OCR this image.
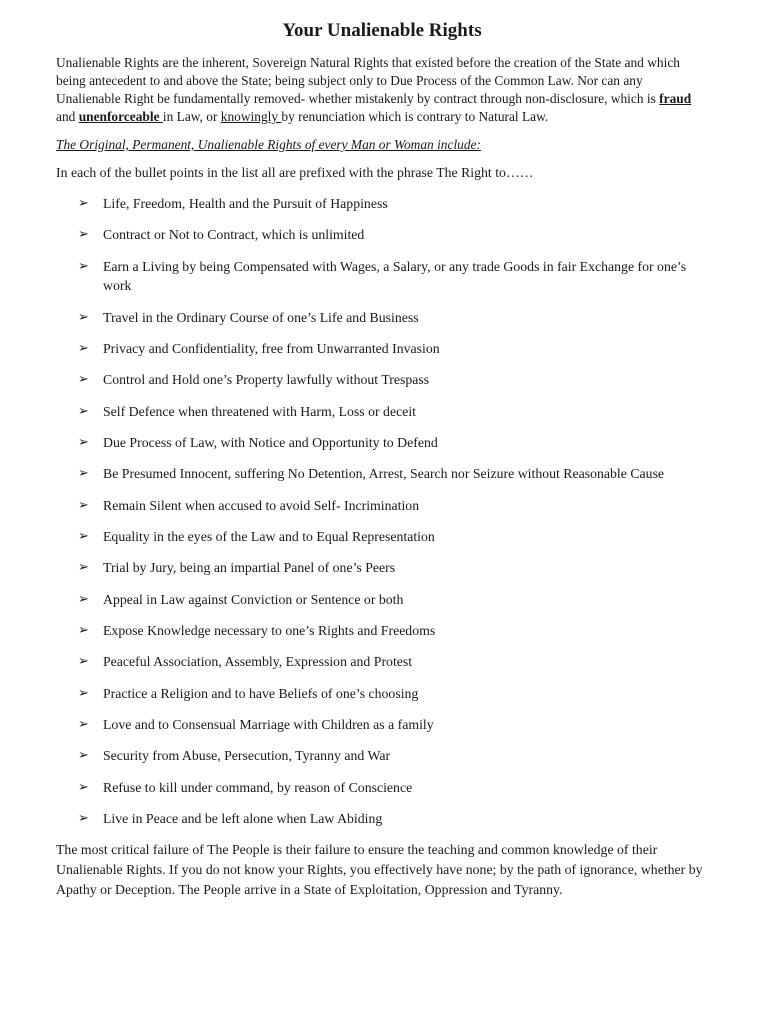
Your Unalienable Rights

Unalienable Rights are the inherent, Sovereign Natural Rights that existed before the creation of the State and which being antecedent to and above the State; being subject only to Due Process of the Common Law. Nor can any Unalienable Right be fundamentally removed- whether mistakenly by contract through non-disclosure, which is fraud and unenforceable in Law, or knowingly by renunciation which is contrary to Natural Law.

The Original, Permanent, Unalienable Rights of every Man or Woman include:

In each of the bullet points in the list all are prefixed with the phrase The Right to……

➢ Life, Freedom, Health and the Pursuit of Happiness
➢ Contract or Not to Contract, which is unlimited
➢ Earn a Living by being Compensated with Wages, a Salary, or any trade Goods in fair Exchange for one’s work
➢ Travel in the Ordinary Course of one’s Life and Business
➢ Privacy and Confidentiality, free from Unwarranted Invasion
➢ Control and Hold one’s Property lawfully without Trespass
➢ Self Defence when threatened with Harm, Loss or deceit
➢ Due Process of Law, with Notice and Opportunity to Defend
➢ Be Presumed Innocent, suffering No Detention, Arrest, Search nor Seizure without Reasonable Cause
➢ Remain Silent when accused to avoid Self- Incrimination
➢ Equality in the eyes of the Law and to Equal Representation
➢ Trial by Jury, being an impartial Panel of one’s Peers
➢ Appeal in Law against Conviction or Sentence or both
➢ Expose Knowledge necessary to one’s Rights and Freedoms
➢ Peaceful Association, Assembly, Expression and Protest
➢ Practice a Religion and to have Beliefs of one’s choosing
➢ Love and to Consensual Marriage with Children as a family
➢ Security from Abuse, Persecution, Tyranny and War
➢ Refuse to kill under command, by reason of Conscience
➢ Live in Peace and be left alone when Law Abiding

The most critical failure of The People is their failure to ensure the teaching and common knowledge of their Unalienable Rights. If you do not know your Rights, you effectively have none; by the path of ignorance, whether by Apathy or Deception. The People arrive in a State of Exploitation, Oppression and Tyranny.
